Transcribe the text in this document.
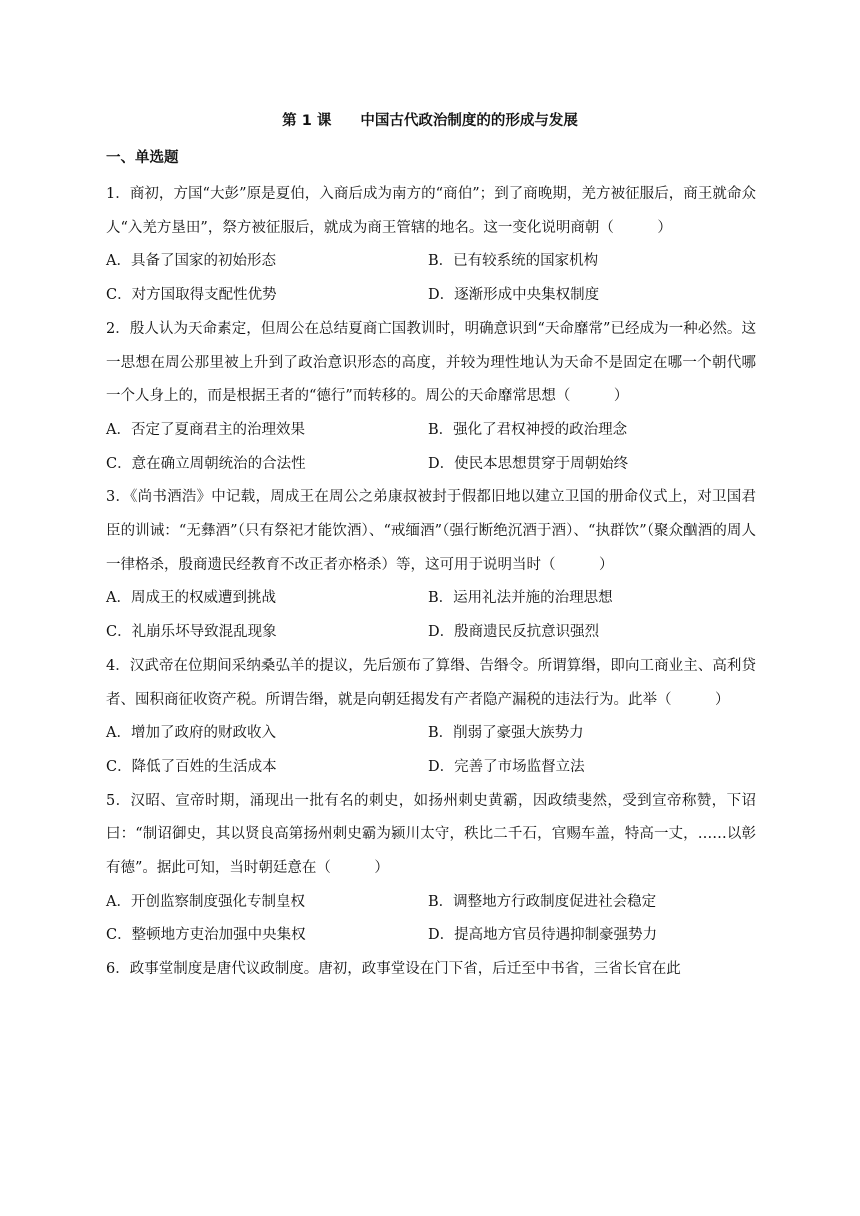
第 1 课　　中国古代政治制度的的形成与发展
一、单选题
1．商初，方国“大彭”原是夏伯，入商后成为南方的“商伯”；到了商晚期，羌方被征服后，商王就命众人“入羌方垦田”，祭方被征服后，就成为商王管辖的地名。这一变化说明商朝（　　　）
A．具备了国家的初始形态	B．已有较系统的国家机构
C．对方国取得支配性优势	D．逐渐形成中央集权制度
2．殷人认为天命素定，但周公在总结夏商亡国教训时，明确意识到“天命靡常”已经成为一种必然。这一思想在周公那里被上升到了政治意识形态的高度，并较为理性地认为天命不是固定在哪一个朝代哪一个人身上的，而是根据王者的“德行”而转移的。周公的天命靡常思想（　　　）
A．否定了夏商君主的治理效果	B．强化了君权神授的政治理念
C．意在确立周朝统治的合法性	D．使民本思想贯穿于周朝始终
3．《尚书酒浩》中记载，周成王在周公之弟康叔被封于假都旧地以建立卫国的册命仪式上，对卫国君臣的训诫：“无彝酒”（只有祭祀才能饮酒）、“戒缅酒”（强行断绝沉酒于酒）、“执群饮”（聚众酗酒的周人一律格杀，殷商遗民经教育不改正者亦格杀）等，这可用于说明当时（　　　）
A．周成王的权威遭到挑战	B．运用礼法并施的治理思想
C．礼崩乐坏导致混乱现象	D．殷商遗民反抗意识强烈
4．汉武帝在位期间采纳桑弘羊的提议，先后颁布了算缗、告缗令。所谓算缗，即向工商业主、高利贷者、囤积商征收资产税。所谓告缗，就是向朝廷揭发有产者隐产漏税的违法行为。此举（　　　）
A．增加了政府的财政收入	B．削弱了豪强大族势力
C．降低了百姓的生活成本	D．完善了市场监督立法
5．汉昭、宣帝时期，涌现出一批有名的刺史，如扬州刺史黄霸，因政绩斐然，受到宣帝称赞，下诏曰：“制诏御史，其以贤良高第扬州刺史霸为颍川太守，秩比二千石，官赐车盖，特高一丈，……以彰有德”。据此可知，当时朝廷意在（　　　）
A．开创监察制度强化专制皇权	B．调整地方行政制度促进社会稳定
C．整顿地方吏治加强中央集权	D．提高地方官员待遇抑制豪强势力
6．政事堂制度是唐代议政制度。唐初，政事堂设在门下省，后迁至中书省，三省长官在此
